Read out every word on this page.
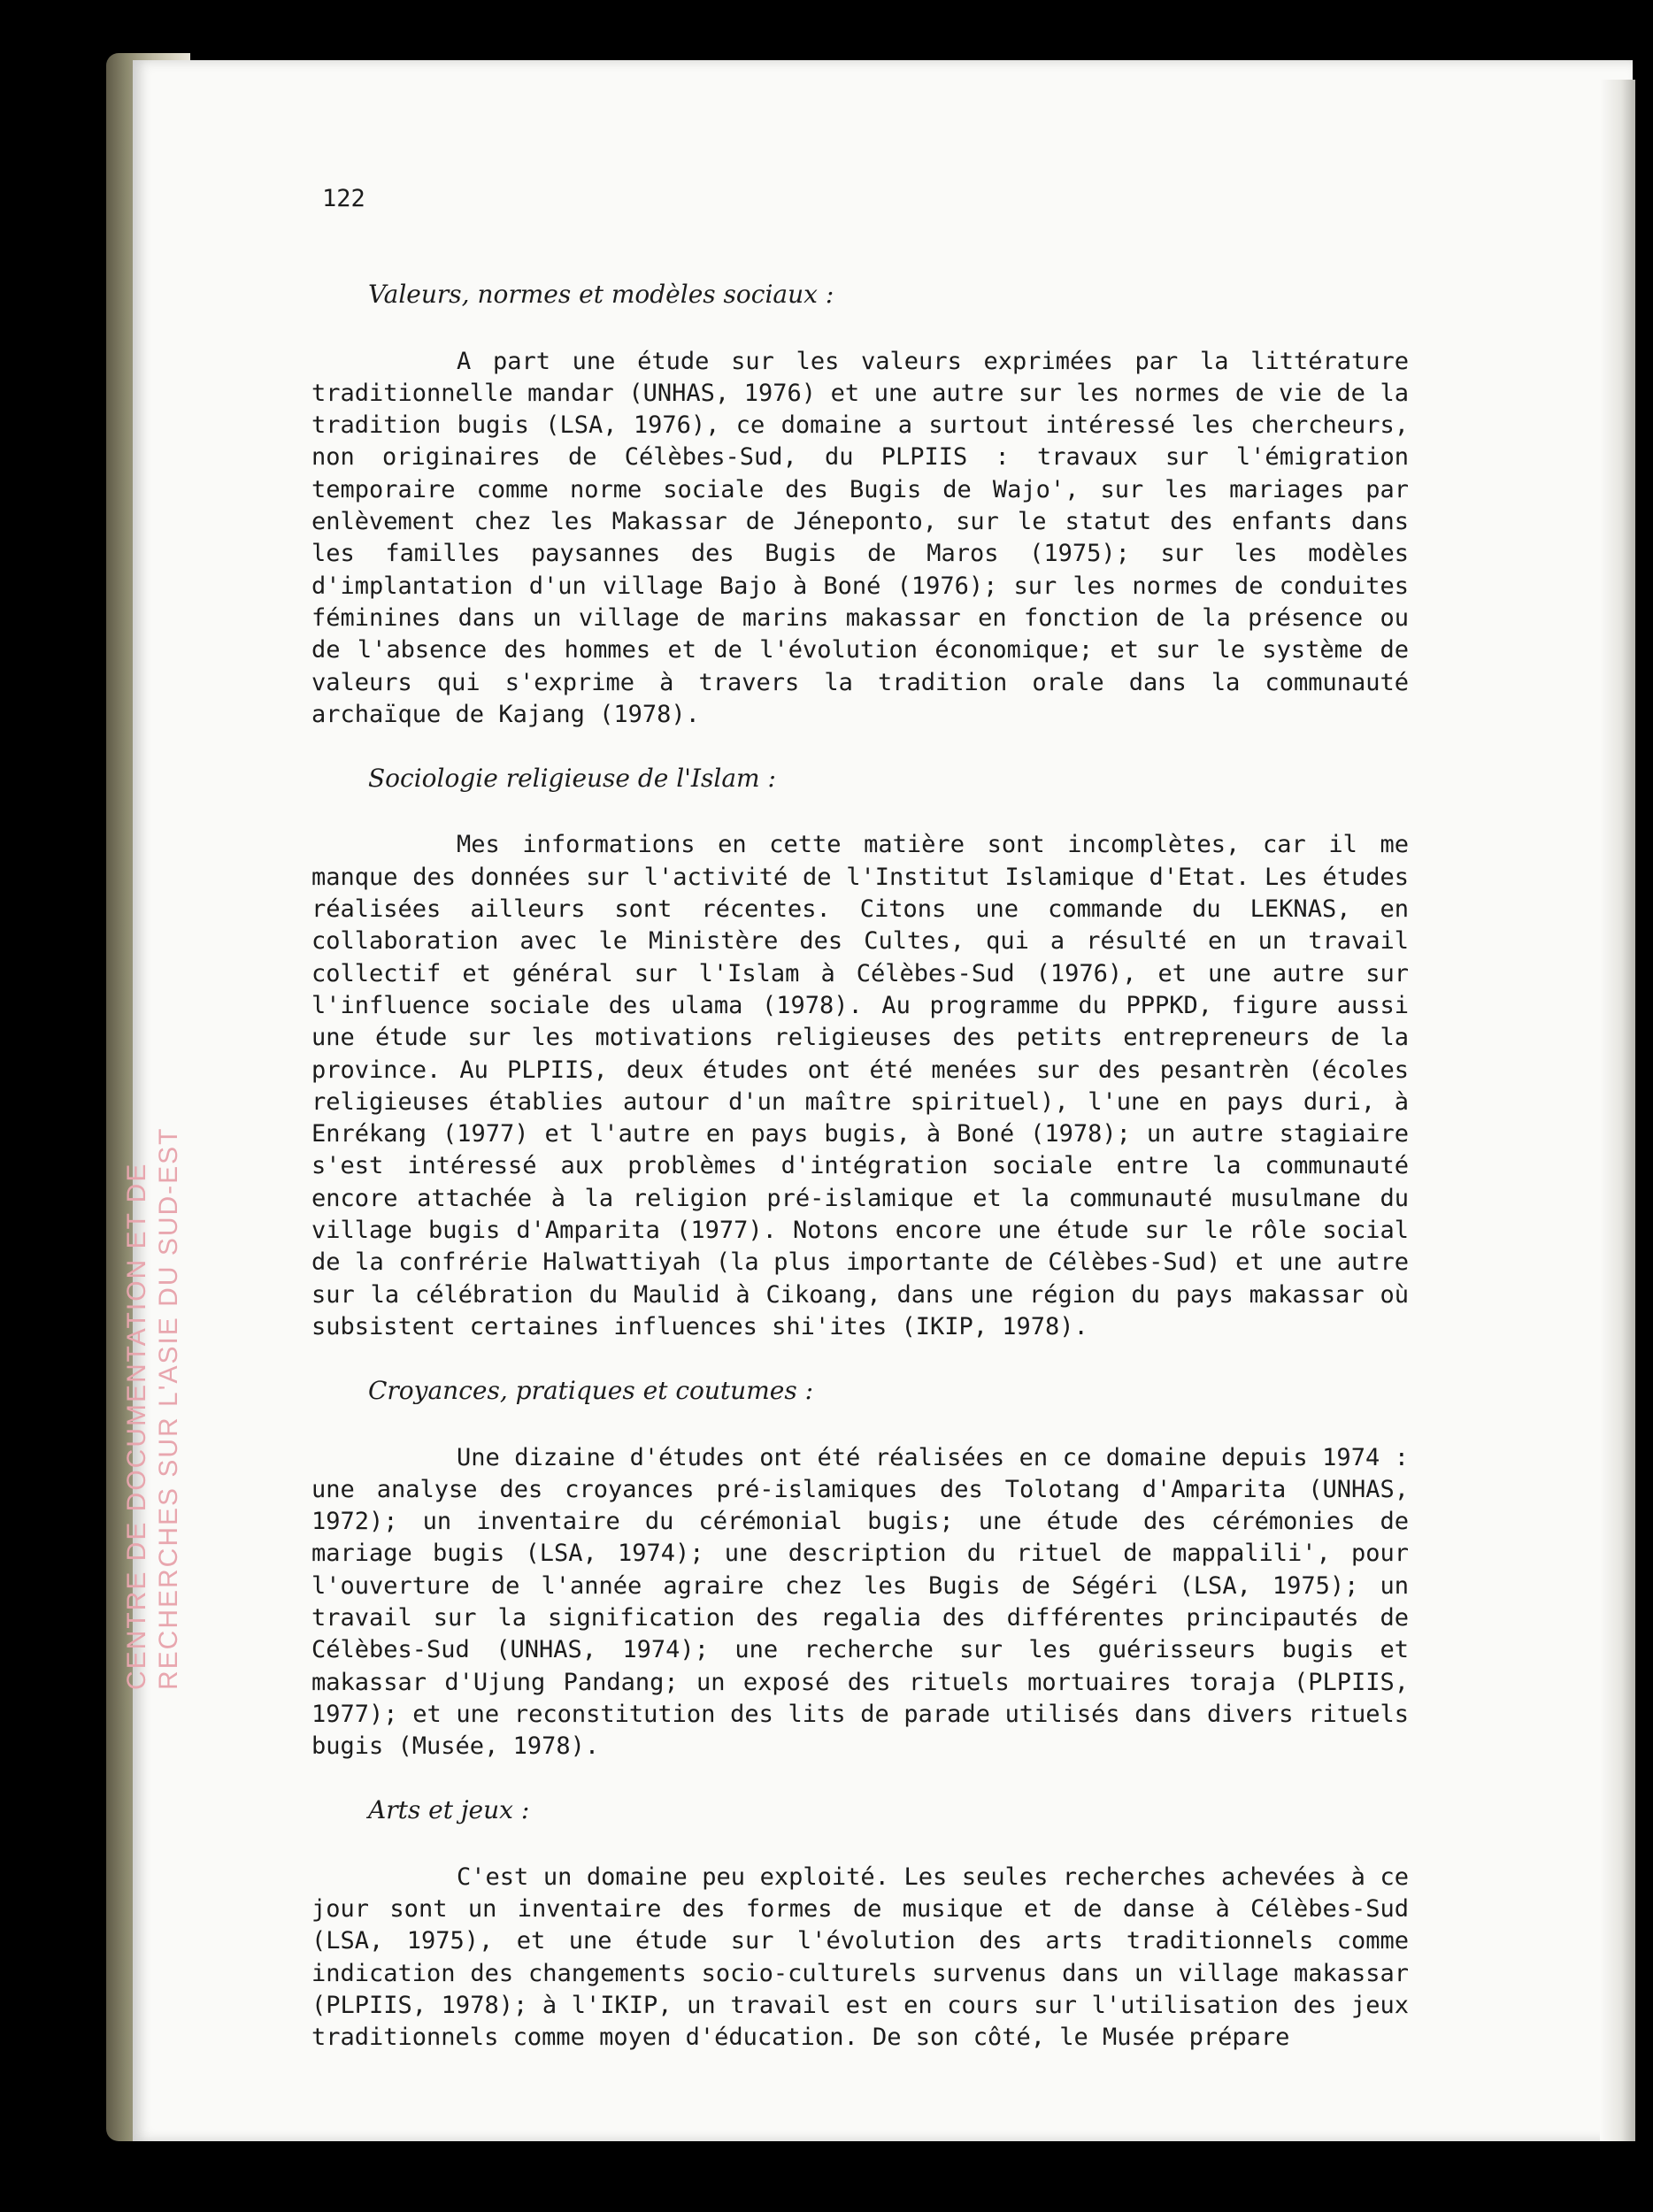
CENTRE DE DOCUMENTATION ET DE RECHERCHES SUR L'ASIE DU SUD-EST
122
Valeurs, normes et modèles sociaux :

A part une étude sur les valeurs exprimées par la littérature traditionnelle mandar (UNHAS, 1976) et une autre sur les normes de vie de la tradition bugis (LSA, 1976), ce domaine a surtout intéressé les chercheurs, non originaires de Célèbes-Sud, du PLPIIS : travaux sur l'émigration temporaire comme norme sociale des Bugis de Wajo', sur les mariages par enlèvement chez les Makassar de Jéneponto, sur le statut des enfants dans les familles paysannes des Bugis de Maros (1975); sur les modèles d'implantation d'un village Bajo à Boné (1976); sur les normes de conduites féminines dans un village de marins makassar en fonction de la présence ou de l'absence des hommes et de l'évolution économique; et sur le système de valeurs qui s'exprime à travers la tradition orale dans la communauté archaïque de Kajang (1978).

Sociologie religieuse de l'Islam :

Mes informations en cette matière sont incomplètes, car il me manque des données sur l'activité de l'Institut Islamique d'Etat. Les études réalisées ailleurs sont récentes. Citons une commande du LEKNAS, en collaboration avec le Ministère des Cultes, qui a résulté en un travail collectif et général sur l'Islam à Célèbes-Sud (1976), et une autre sur l'influence sociale des ulama (1978). Au programme du PPPKD, figure aussi une étude sur les motivations religieuses des petits entrepreneurs de la province. Au PLPIIS, deux études ont été menées sur des pesantrèn (écoles religieuses établies autour d'un maître spirituel), l'une en pays duri, à Enrékang (1977) et l'autre en pays bugis, à Boné (1978); un autre stagiaire s'est intéressé aux problèmes d'intégration sociale entre la communauté encore attachée à la religion pré-islamique et la communauté musulmane du village bugis d'Amparita (1977). Notons encore une étude sur le rôle social de la confrérie Halwattiyah (la plus importante de Célèbes-Sud) et une autre sur la célébration du Maulid à Cikoang, dans une région du pays makassar où subsistent certaines influences shi'ites (IKIP, 1978).

Croyances, pratiques et coutumes :

Une dizaine d'études ont été réalisées en ce domaine depuis 1974 : une analyse des croyances pré-islamiques des Tolotang d'Amparita (UNHAS, 1972); un inventaire du cérémonial bugis; une étude des cérémonies de mariage bugis (LSA, 1974); une description du rituel de mappalili', pour l'ouverture de l'année agraire chez les Bugis de Ségéri (LSA, 1975); un travail sur la signification des regalia des différentes principautés de Célèbes-Sud (UNHAS, 1974); une recherche sur les guérisseurs bugis et makassar d'Ujung Pandang; un exposé des rituels mortuaires toraja (PLPIIS, 1977); et une reconstitution des lits de parade utilisés dans divers rituels bugis (Musée, 1978).

Arts et jeux :

C'est un domaine peu exploité. Les seules recherches achevées à ce jour sont un inventaire des formes de musique et de danse à Célèbes-Sud (LSA, 1975), et une étude sur l'évolution des arts traditionnels comme indication des changements socio-culturels survenus dans un village makassar (PLPIIS, 1978); à l'IKIP, un travail est en cours sur l'utilisation des jeux traditionnels comme moyen d'éducation. De son côté, le Musée prépare
